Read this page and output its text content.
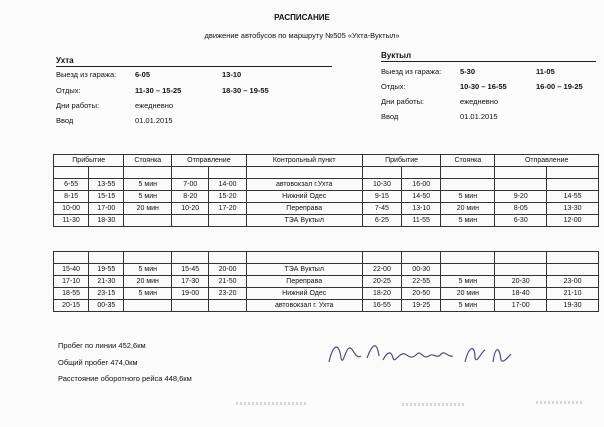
РАСПИСАНИЕ
движение автобусов по маршруту №505 «Ухта-Вуктыл»
Ухта
Выезд из гаража:	6-05	13-10
Отдых:	11-30 – 15-25	18-30 – 19-55
Дни работы:	ежедневно
Ввод	01.01.2015
Вуктыл
Выезд из гаража:	5-30	11-05
Отдых:	10-30 – 16-55	16-00 – 19-25
Дни работы:	ежедневно
Ввод	01.01.2015
Прибытие		Стоянка	Отправление		Контрольный пункт	Прибытие		Стоянка	Отправление	

6-55	13-55	5 мин	7-00	14-00	автовокзал г.Ухта	10-30	16-00			
8-15	15-15	5 мин	8-20	15-20	Нижний Одес	9-15	14-50	5 мин	9-20	14-55
10-00	17-00	20 мин	10-20	17-20	Переправа	7-45	13-10	20 мин	8-05	13-30
11-30	18-30				ТЭА Вуктыл	6-25	11-55	5 мин	6-30	12-00

15-40	19-55	5 мин	15-45	20-00	ТЭА Вуктыл	22-00	00-30			
17-10	21-30	20 мин	17-30	21-50	Переправа	20-25	22-55	5 мин	20-30	23-00
18-55	23-15	5 мин	19-00	23-20	Нижний Одес	18-20	20-50	20 мин	18-40	21-10
20-15	00-35				автовокзал г. Ухта	16-55	19-25	5 мин	17-00	19-30
Пробег по линии 452,6км
Общий пробег 474,0км
Расстояние оборотного рейса 448,6км
